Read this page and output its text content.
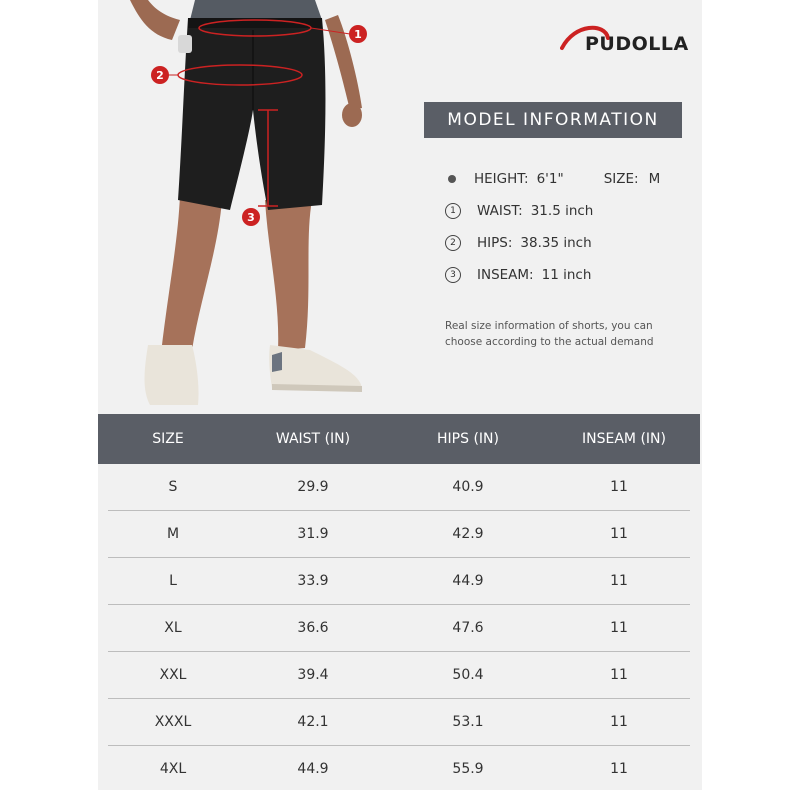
1
2
3
PUDOLLA
MODEL INFORMATION
HEIGHT: 6'1"	SIZE: M
1	WAIST: 31.5 inch
2	HIPS: 38.35 inch
3	INSEAM: 11 inch
Real size information of shorts, you can choose according to the actual demand
SIZE	WAIST (IN)	HIPS (IN)	INSEAM (IN)
S	29.9	40.9	11
M	31.9	42.9	11
L	33.9	44.9	11
XL	36.6	47.6	11
XXL	39.4	50.4	11
XXXL	42.1	53.1	11
4XL	44.9	55.9	11
